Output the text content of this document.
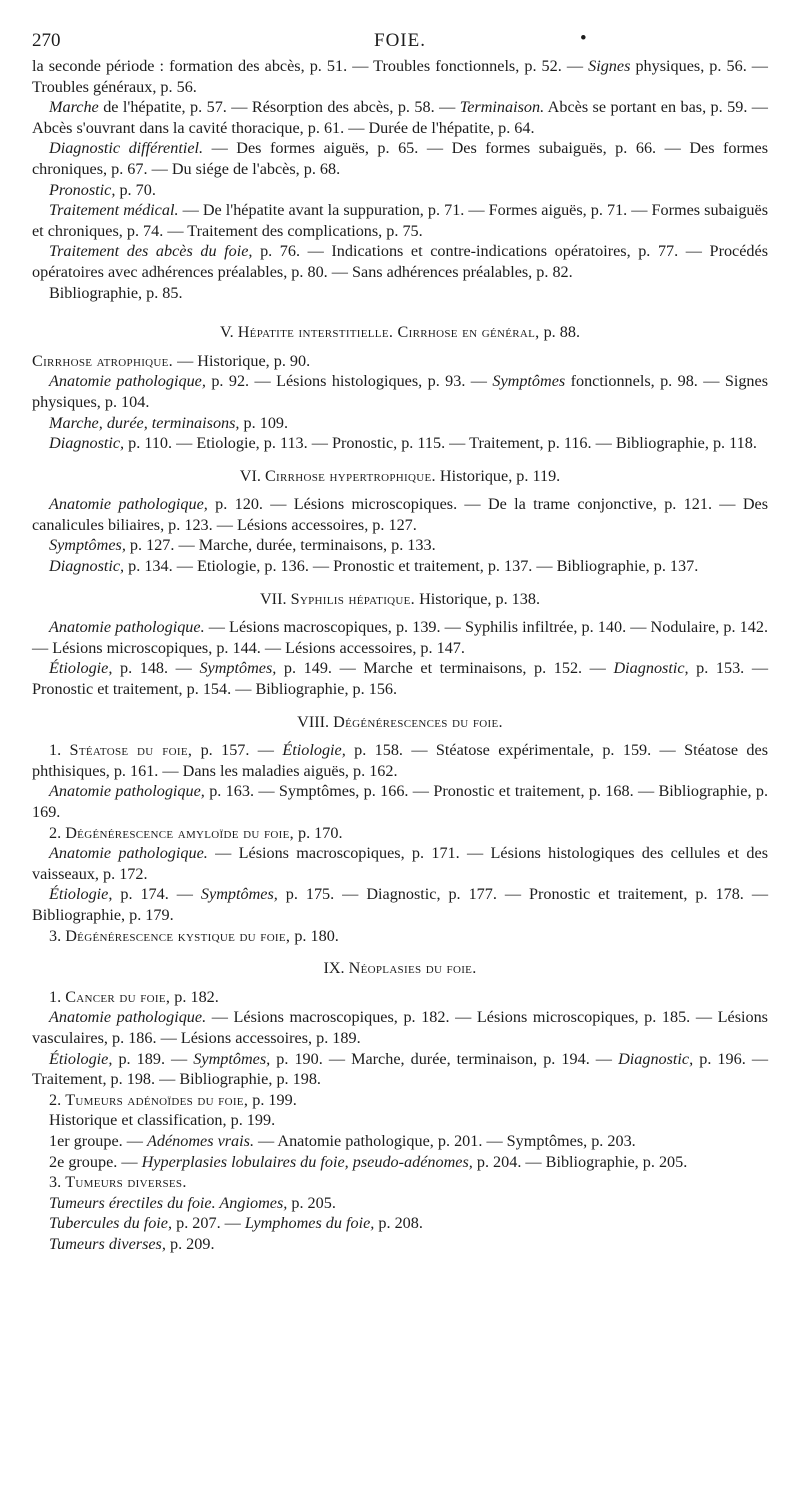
270	FOIE.	•

la seconde période : formation des abcès, p. 51. — Troubles fonctionnels, p. 52. — Signes physiques, p. 56. — Troubles généraux, p. 56.

Marche de l'hépatite, p. 57. — Résorption des abcès, p. 58. — Terminaison. Abcès se portant en bas, p. 59. — Abcès s'ouvrant dans la cavité thoracique, p. 61. — Durée de l'hépatite, p. 64.

Diagnostic différentiel. — Des formes aiguës, p. 65. — Des formes subaiguës, p. 66. — Des formes chroniques, p. 67. — Du siége de l'abcès, p. 68.

Pronostic, p. 70.

Traitement médical. — De l'hépatite avant la suppuration, p. 71. — Formes aiguës, p. 71. — Formes subaiguës et chroniques, p. 74. — Traitement des complications, p. 75.

Traitement des abcès du foie, p. 76. — Indications et contre-indications opératoires, p. 77. — Procédés opératoires avec adhérences préalables, p. 80. — Sans adhérences préalables, p. 82.

Bibliographie, p. 85.

V. Hépatite interstitielle. Cirrhose en général, p. 88.

Cirrhose atrophique. — Historique, p. 90.

Anatomie pathologique, p. 92. — Lésions histologiques, p. 93. — Symptômes fonctionnels, p. 98. — Signes physiques, p. 104.

Marche, durée, terminaisons, p. 109.

Diagnostic, p. 110. — Etiologie, p. 113. — Pronostic, p. 115. — Traitement, p. 116. — Bibliographie, p. 118.

VI. Cirrhose hypertrophique. Historique, p. 119.

Anatomie pathologique, p. 120. — Lésions microscopiques. — De la trame conjonctive, p. 121. — Des canalicules biliaires, p. 123. — Lésions accessoires, p. 127.

Symptômes, p. 127. — Marche, durée, terminaisons, p. 133.

Diagnostic, p. 134. — Etiologie, p. 136. — Pronostic et traitement, p. 137. — Bibliographie, p. 137.

VII. Syphilis hépatique. Historique, p. 138.

Anatomie pathologique. — Lésions macroscopiques, p. 139. — Syphilis infiltrée, p. 140. — Nodulaire, p. 142. — Lésions microscopiques, p. 144. — Lésions accessoires, p. 147.

Étiologie, p. 148. — Symptômes, p. 149. — Marche et terminaisons, p. 152. — Diagnostic, p. 153. — Pronostic et traitement, p. 154. — Bibliographie, p. 156.

VIII. Dégénérescences du foie.

1. Stéatose du foie, p. 157. — Étiologie, p. 158. — Stéatose expérimentale, p. 159. — Stéatose des phthisiques, p. 161. — Dans les maladies aiguës, p. 162.

Anatomie pathologique, p. 163. — Symptômes, p. 166. — Pronostic et traitement, p. 168. — Bibliographie, p. 169.

2. Dégénérescence amyloïde du foie, p. 170.

Anatomie pathologique. — Lésions macroscopiques, p. 171. — Lésions histologiques des cellules et des vaisseaux, p. 172.

Étiologie, p. 174. — Symptômes, p. 175. — Diagnostic, p. 177. — Pronostic et traitement, p. 178. — Bibliographie, p. 179.

3. Dégénérescence kystique du foie, p. 180.

IX. Néoplasies du foie.

1. Cancer du foie, p. 182.

Anatomie pathologique. — Lésions macroscopiques, p. 182. — Lésions microscopiques, p. 185. — Lésions vasculaires, p. 186. — Lésions accessoires, p. 189.

Étiologie, p. 189. — Symptômes, p. 190. — Marche, durée, terminaison, p. 194. — Diagnostic, p. 196. — Traitement, p. 198. — Bibliographie, p. 198.

2. Tumeurs adénoïdes du foie, p. 199.

Historique et classification, p. 199.

1er groupe. — Adénomes vrais. — Anatomie pathologique, p. 201. — Symptômes, p. 203.

2e groupe. — Hyperplasies lobulaires du foie, pseudo-adénomes, p. 204. — Bibliographie, p. 205.

3. Tumeurs diverses.

Tumeurs érectiles du foie. Angiomes, p. 205.

Tubercules du foie, p. 207. — Lymphomes du foie, p. 208.

Tumeurs diverses, p. 209.
